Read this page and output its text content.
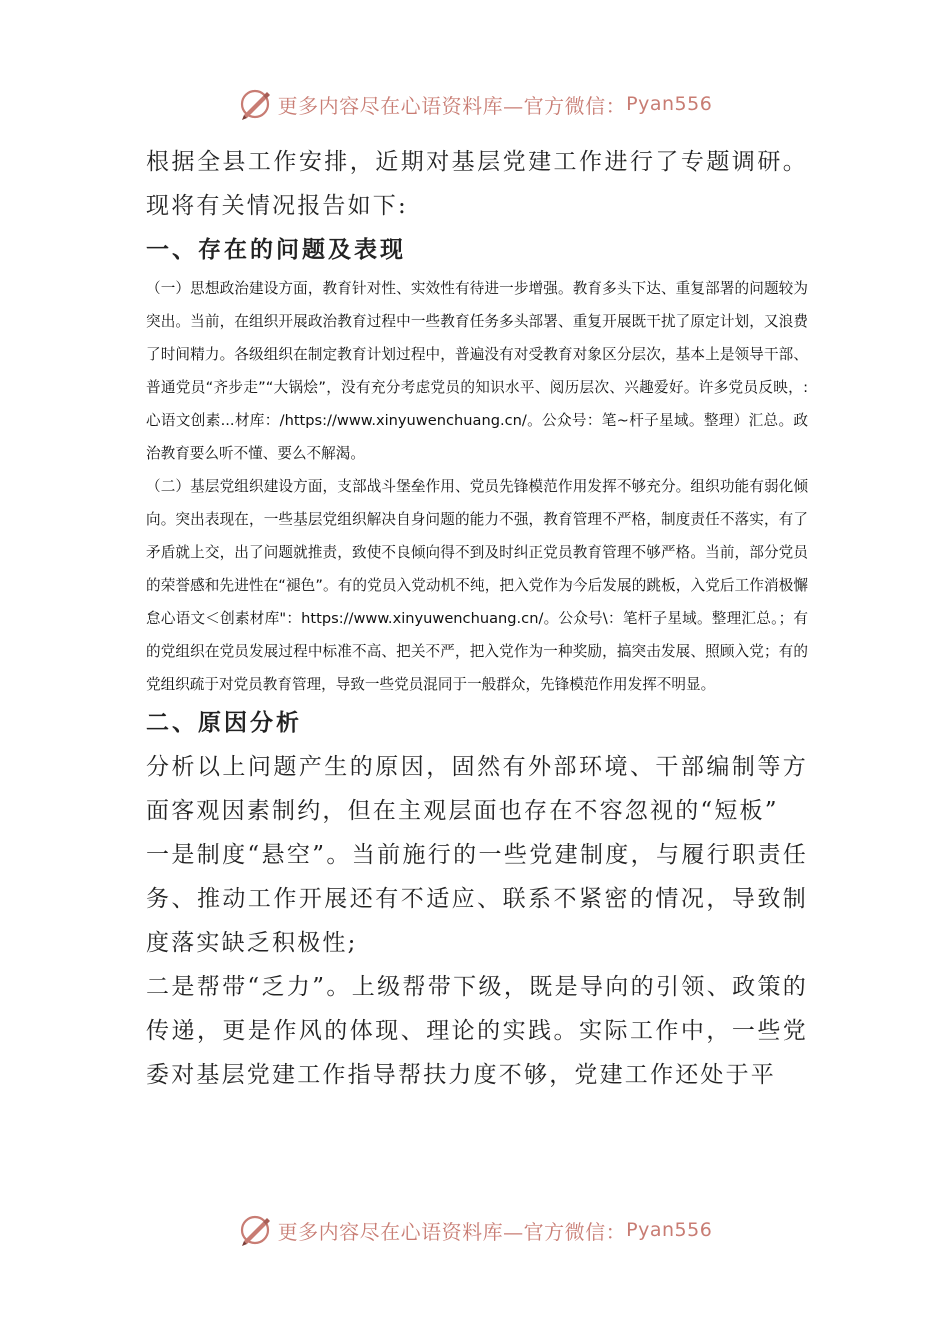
更多内容尽在心语资料库—官方微信： Pyan556

根据全县工作安排，近期对基层党建工作进行了专题调研。现将有关情况报告如下:

一、存在的问题及表现

（一）思想政治建设方面，教育针对性、实效性有待进一步增强。教育多头下达、重复部署的问题较为突出。当前，在组织开展政治教育过程中一些教育任务多头部署、重复开展既干扰了原定计划，又浪费了时间精力。各级组织在制定教育计划过程中，普遍没有对受教育对象区分层次，基本上是领导干部、普通党员“齐步走”“大锅烩”，没有充分考虑党员的知识水平、阅历层次、兴趣爱好。许多党员反映，:心语文创素...材库：/https://www.xinyuwenchuang.cn/。公众号：笔~杆子星域。整理）汇总。政治教育要么听不懂、要么不解渴。

（二）基层党组织建设方面，支部战斗堡垒作用、党员先锋模范作用发挥不够充分。组织功能有弱化倾向。突出表现在，一些基层党组织解决自身问题的能力不强，教育管理不严格，制度责任不落实，有了矛盾就上交，出了问题就推责，致使不良倾向得不到及时纠正党员教育管理不够严格。当前，部分党员的荣誉感和先进性在“褪色”。有的党员入党动机不纯，把入党作为今后发展的跳板，入党后工作消极懈怠心语文＜创素材库"：https://www.xinyuwenchuang.cn/。公众号\：笔杆子星域。整理汇总。；有的党组织在党员发展过程中标准不高、把关不严，把入党作为一种奖励，搞突击发展、照顾入党；有的党组织疏于对党员教育管理，导致一些党员混同于一般群众，先锋模范作用发挥不明显。

二、原因分析

分析以上问题产生的原因，固然有外部环境、干部编制等方面客观因素制约，但在主观层面也存在不容忽视的“短板”

一是制度“悬空”。当前施行的一些党建制度，与履行职责任务、推动工作开展还有不适应、联系不紧密的情况，导致制度落实缺乏积极性;

二是帮带“乏力”。上级帮带下级，既是导向的引领、政策的传递，更是作风的体现、理论的实践。实际工作中，一些党委对基层党建工作指导帮扶力度不够，党建工作还处于平

更多内容尽在心语资料库—官方微信： Pyan556
